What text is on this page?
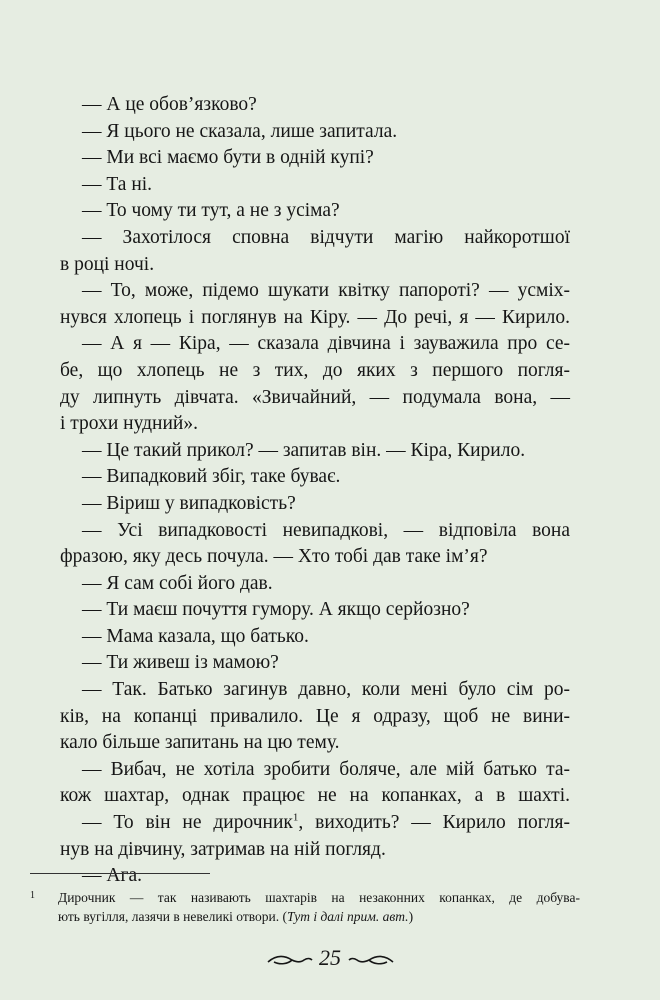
— А це обов’язково?

— Я цього не сказала, лише запитала.

— Ми всі маємо бути в одній купі?

— Та ні.

— То чому ти тут, а не з усіма?

— Захотілося сповна відчути магію найкоротшої
в році ночі.

— То, може, підемо шукати квітку папороті? — усміх-
нувся хлопець і поглянув на Кіру. — До речі, я — Кирило.

— А я — Кіра, — сказала дівчина і зауважила про се-
бе, що хлопець не з тих, до яких з першого погля-
ду липнуть дівчата. «Звичайний, — подумала вона, —
і трохи нудний».

— Це такий прикол? — запитав він. — Кіра, Кирило.

— Випадковий збіг, таке буває.

— Віриш у випадковість?

— Усі випадковості невипадкові, — відповіла вона
фразою, яку десь почула. — Хто тобі дав таке ім’я?

— Я сам собі його дав.

— Ти маєш почуття гумору. А якщо серйозно?

— Мама казала, що батько.

— Ти живеш із мамою?

— Так. Батько загинув давно, коли мені було сім ро-
ків, на копанці привалило. Це я одразу, щоб не вини-
кало більше запитань на цю тему.

— Вибач, не хотіла зробити боляче, але мій батько та-
кож шахтар, однак працює не на копанках, а в шахті.

— То він не дирочник$^1$, виходить? — Кирило погля-
нув на дівчину, затримав на ній погляд.

— Ага.

1 Дирочник — так називають шахтарів на незаконних копанках, де добува-
ють вугілля, лазячи в невеликі отвори. (Тут і далі прим. авт.)
25
